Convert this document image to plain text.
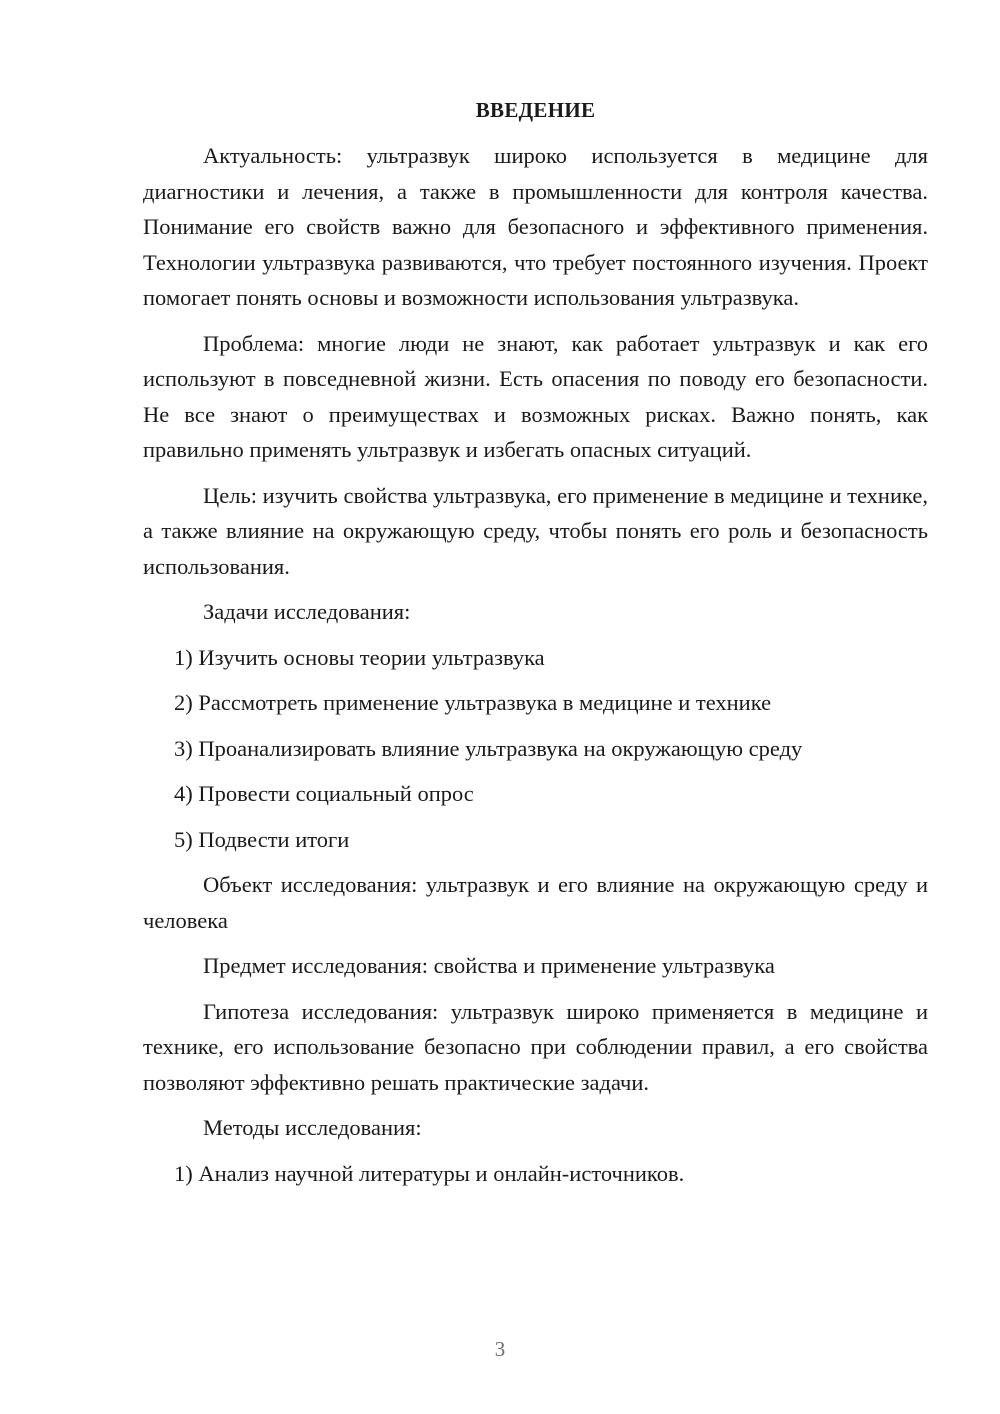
ВВЕДЕНИЕ

Актуальность: ультразвук широко используется в медицине для диагностики и лечения, а также в промышленности для контроля качества. Понимание его свойств важно для безопасного и эффективного применения. Технологии ультразвука развиваются, что требует постоянного изучения. Проект помогает понять основы и возможности использования ультразвука.

Проблема: многие люди не знают, как работает ультразвук и как его используют в повседневной жизни. Есть опасения по поводу его безопасности. Не все знают о преимуществах и возможных рисках. Важно понять, как правильно применять ультразвук и избегать опасных ситуаций.

Цель: изучить свойства ультразвука, его применение в медицине и технике, а также влияние на окружающую среду, чтобы понять его роль и безопасность использования.

Задачи исследования:

1) Изучить основы теории ультразвука
2) Рассмотреть применение ультразвука в медицине и технике
3) Проанализировать влияние ультразвука на окружающую среду
4) Провести социальный опрос
5) Подвести итоги

Объект исследования: ультразвук и его влияние на окружающую среду и человека

Предмет исследования: свойства и применение ультразвука

Гипотеза исследования: ультразвук широко применяется в медицине и технике, его использование безопасно при соблюдении правил, а его свойства позволяют эффективно решать практические задачи.

Методы исследования:

1) Анализ научной литературы и онлайн-источников.
3
